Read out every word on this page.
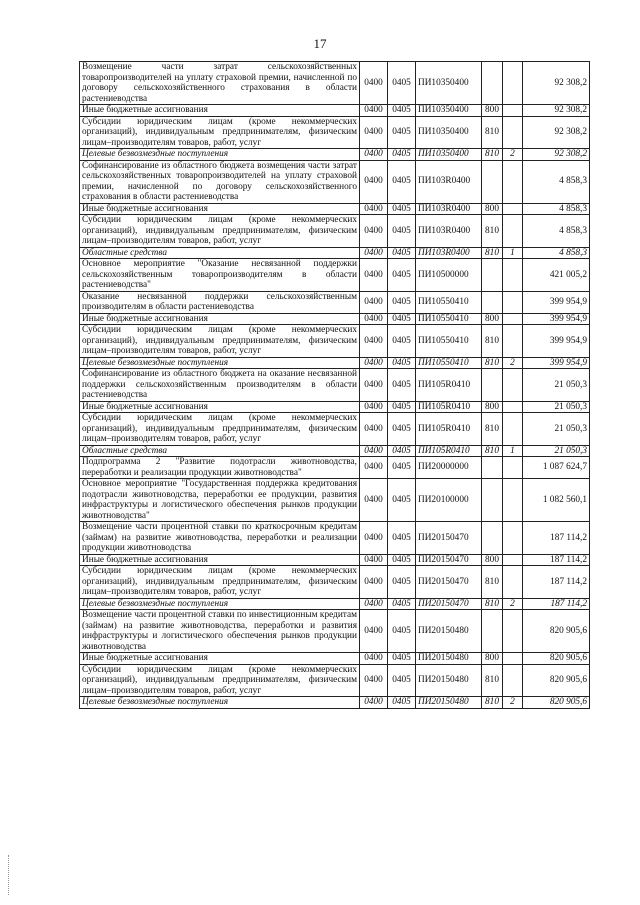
17
Возмещение части затрат сельскохозяйственных товаропроизводителей на уплату страховой премии, начисленной по договору сельскохозяйственного страхования в области растениеводства	0400	0405	ПИ10350400			92 308,2
Иные бюджетные ассигнования	0400	0405	ПИ10350400	800		92 308,2
Субсидии юридическим лицам (кроме некоммерческих организаций), индивидуальным предпринимателям, физическим лицам–производителям товаров, работ, услуг	0400	0405	ПИ10350400	810		92 308,2
Целевые безвозмездные поступления	0400	0405	ПИ10350400	810	2	92 308,2
Софинансирование из областного бюджета возмещения части затрат сельскохозяйственных товаропроизводителей на уплату страховой премии, начисленной по договору сельскохозяйственного страхования в области растениеводства	0400	0405	ПИ103R0400			4 858,3
Иные бюджетные ассигнования	0400	0405	ПИ103R0400	800		4 858,3
Субсидии юридическим лицам (кроме некоммерческих организаций), индивидуальным предпринимателям, физическим лицам–производителям товаров, работ, услуг	0400	0405	ПИ103R0400	810		4 858,3
Областные средства	0400	0405	ПИ103R0400	810	1	4 858,3
Основное мероприятие "Оказание несвязанной поддержки сельскохозяйственным товаропроизводителям в области растениеводства"	0400	0405	ПИ10500000			421 005,2
Оказание несвязанной поддержки сельскохозяйственным производителям в области растениеводства	0400	0405	ПИ10550410			399 954,9
Иные бюджетные ассигнования	0400	0405	ПИ10550410	800		399 954,9
Субсидии юридическим лицам (кроме некоммерческих организаций), индивидуальным предпринимателям, физическим лицам–производителям товаров, работ, услуг	0400	0405	ПИ10550410	810		399 954,9
Целевые безвозмездные поступления	0400	0405	ПИ10550410	810	2	399 954,9
Софинансирование из областного бюджета на оказание несвязанной поддержки сельскохозяйственным производителям в области растениеводства	0400	0405	ПИ105R0410			21 050,3
Иные бюджетные ассигнования	0400	0405	ПИ105R0410	800		21 050,3
Субсидии юридическим лицам (кроме некоммерческих организаций), индивидуальным предпринимателям, физическим лицам–производителям товаров, работ, услуг	0400	0405	ПИ105R0410	810		21 050,3
Областные средства	0400	0405	ПИ105R0410	810	1	21 050,3
Подпрограмма 2 "Развитие подотрасли животноводства, переработки и реализации продукции животноводства"	0400	0405	ПИ20000000			1 087 624,7
Основное мероприятие "Государственная поддержка кредитования подотрасли животноводства, переработки ее продукции, развития инфраструктуры и логистического обеспечения рынков продукции животноводства"	0400	0405	ПИ20100000			1 082 560,1
Возмещение части процентной ставки по краткосрочным кредитам (займам) на развитие животноводства, переработки и реализации продукции животноводства	0400	0405	ПИ20150470			187 114,2
Иные бюджетные ассигнования	0400	0405	ПИ20150470	800		187 114,2
Субсидии юридическим лицам (кроме некоммерческих организаций), индивидуальным предпринимателям, физическим лицам–производителям товаров, работ, услуг	0400	0405	ПИ20150470	810		187 114,2
Целевые безвозмездные поступления	0400	0405	ПИ20150470	810	2	187 114,2
Возмещение части процентной ставки по инвестиционным кредитам (займам) на развитие животноводства, переработки и развития инфраструктуры и логистического обеспечения рынков продукции животноводства	0400	0405	ПИ20150480			820 905,6
Иные бюджетные ассигнования	0400	0405	ПИ20150480	800		820 905,6
Субсидии юридическим лицам (кроме некоммерческих организаций), индивидуальным предпринимателям, физическим лицам–производителям товаров, работ, услуг	0400	0405	ПИ20150480	810		820 905,6
Целевые безвозмездные поступления	0400	0405	ПИ20150480	810	2	820 905,6
